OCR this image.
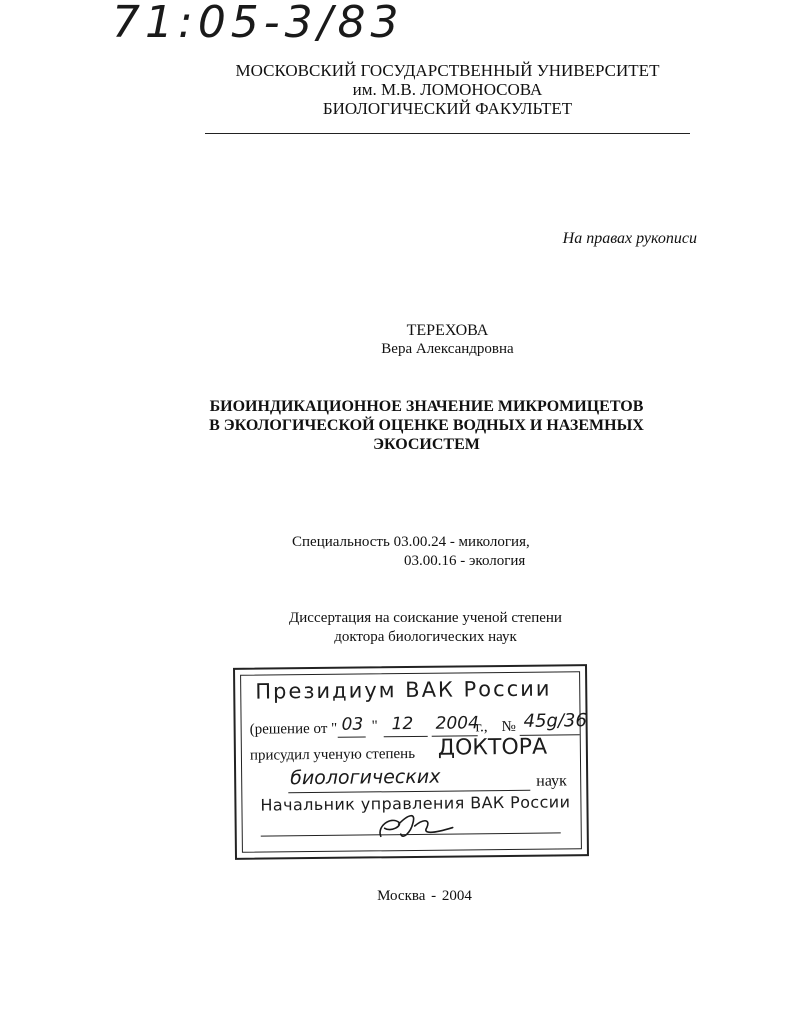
71:05-3/83
МОСКОВСКИЙ ГОСУДАРСТВЕННЫЙ УНИВЕРСИТЕТ
им. М.В. ЛОМОНОСОВА
БИОЛОГИЧЕСКИЙ ФАКУЛЬТЕТ
На правах рукописи
ТЕРЕХОВА
Вера Александровна
БИОИНДИКАЦИОННОЕ ЗНАЧЕНИЕ МИКРОМИЦЕТОВ
В ЭКОЛОГИЧЕСКОЙ ОЦЕНКЕ ВОДНЫХ И НАЗЕМНЫХ
ЭКОСИСТЕМ
Специальность 03.00.24 - микология,
03.00.16 - экология
Диссертация на соискание ученой степени
доктора биологических наук
Президиум ВАК России
(решение от " 03 " 12 2004
г., № 45g/36
присудил ученую степень ДОКТОРА
биологических	наук
Начальник управления ВАК России
Москва - 2004
